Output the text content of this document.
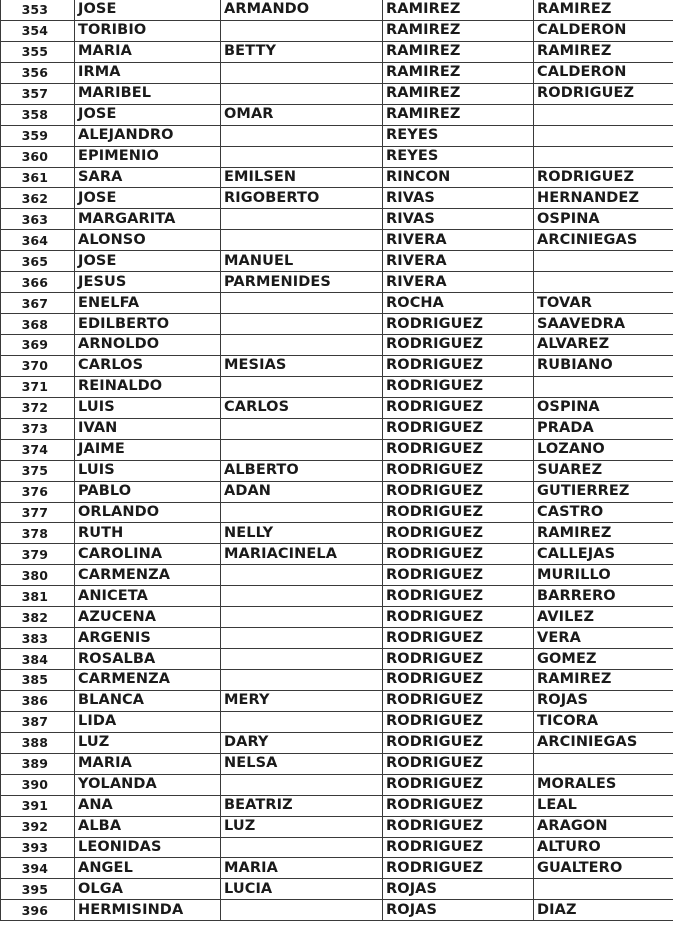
353	JOSE	ARMANDO	RAMIREZ	RAMIREZ
354	TORIBIO		RAMIREZ	CALDERON
355	MARIA	BETTY	RAMIREZ	RAMIREZ
356	IRMA		RAMIREZ	CALDERON
357	MARIBEL		RAMIREZ	RODRIGUEZ
358	JOSE	OMAR	RAMIREZ	
359	ALEJANDRO		REYES	
360	EPIMENIO		REYES	
361	SARA	EMILSEN	RINCON	RODRIGUEZ
362	JOSE	RIGOBERTO	RIVAS	HERNANDEZ
363	MARGARITA		RIVAS	OSPINA
364	ALONSO		RIVERA	ARCINIEGAS
365	JOSE	MANUEL	RIVERA	
366	JESUS	PARMENIDES	RIVERA	
367	ENELFA		ROCHA	TOVAR
368	EDILBERTO		RODRIGUEZ	SAAVEDRA
369	ARNOLDO		RODRIGUEZ	ALVAREZ
370	CARLOS	MESIAS	RODRIGUEZ	RUBIANO
371	REINALDO		RODRIGUEZ	
372	LUIS	CARLOS	RODRIGUEZ	OSPINA
373	IVAN		RODRIGUEZ	PRADA
374	JAIME		RODRIGUEZ	LOZANO
375	LUIS	ALBERTO	RODRIGUEZ	SUAREZ
376	PABLO	ADAN	RODRIGUEZ	GUTIERREZ
377	ORLANDO		RODRIGUEZ	CASTRO
378	RUTH	NELLY	RODRIGUEZ	RAMIREZ
379	CAROLINA	MARIACINELA	RODRIGUEZ	CALLEJAS
380	CARMENZA		RODRIGUEZ	MURILLO
381	ANICETA		RODRIGUEZ	BARRERO
382	AZUCENA		RODRIGUEZ	AVILEZ
383	ARGENIS		RODRIGUEZ	VERA
384	ROSALBA		RODRIGUEZ	GOMEZ
385	CARMENZA		RODRIGUEZ	RAMIREZ
386	BLANCA	MERY	RODRIGUEZ	ROJAS
387	LIDA		RODRIGUEZ	TICORA
388	LUZ	DARY	RODRIGUEZ	ARCINIEGAS
389	MARIA	NELSA	RODRIGUEZ	
390	YOLANDA		RODRIGUEZ	MORALES
391	ANA	BEATRIZ	RODRIGUEZ	LEAL
392	ALBA	LUZ	RODRIGUEZ	ARAGON
393	LEONIDAS		RODRIGUEZ	ALTURO
394	ANGEL	MARIA	RODRIGUEZ	GUALTERO
395	OLGA	LUCIA	ROJAS	
396	HERMISINDA		ROJAS	DIAZ
